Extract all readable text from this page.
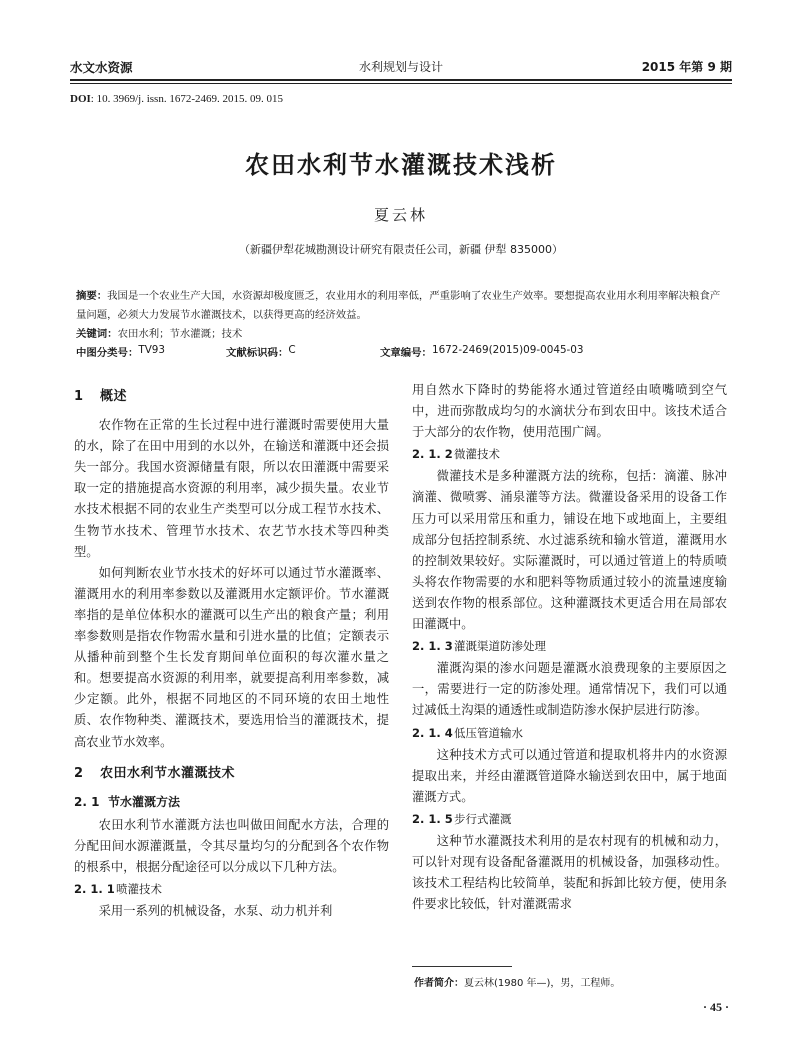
水文水资源	水利规划与设计	2015 年第 9 期
DOI: 10. 3969/j. issn. 1672-2469. 2015. 09. 015
农田水利节水灌溉技术浅析
夏云林
（新疆伊犁花城勘测设计研究有限责任公司，新疆 伊犁 835000）
摘要：我国是一个农业生产大国，水资源却极度匮乏，农业用水的利用率低，严重影响了农业生产效率。要想提高农业用水利用率解决粮食产量问题，必须大力发展节水灌溉技术，以获得更高的经济效益。
关键词：农田水利；节水灌溉；技术
中图分类号： TV93	文献标识码： C	文章编号： 1672-2469(2015)09-0045-03
1 概述

农作物在正常的生长过程中进行灌溉时需要使用大量的水，除了在田中用到的水以外，在输送和灌溉中还会损失一部分。我国水资源储量有限，所以农田灌溉中需要采取一定的措施提高水资源的利用率，减少损失量。农业节水技术根据不同的农业生产类型可以分成工程节水技术、生物节水技术、管理节水技术、农艺节水技术等四种类型。

如何判断农业节水技术的好坏可以通过节水灌溉率、灌溉用水的利用率参数以及灌溉用水定额评价。节水灌溉率指的是单位体积水的灌溉可以生产出的粮食产量；利用率参数则是指农作物需水量和引进水量的比值；定额表示从播种前到整个生长发育期间单位面积的每次灌水量之和。想要提高水资源的利用率，就要提高利用率参数，减少定额。此外，根据不同地区的不同环境的农田土地性质、农作物种类、灌溉技术，要选用恰当的灌溉技术，提高农业节水效率。

2 农田水利节水灌溉技术
2. 1 节水灌溉方法

农田水利节水灌溉方法也叫做田间配水方法，合理的分配田间水源灌溉量，令其尽量均匀的分配到各个农作物的根系中，根据分配途径可以分成以下几种方法。

2. 1. 1喷灌技术

采用一系列的机械设备，水泵、动力机并利

用自然水下降时的势能将水通过管道经由喷嘴喷到空气中，进而弥散成均匀的水滴状分布到农田中。该技术适合于大部分的农作物，使用范围广阔。

2. 1. 2微灌技术

微灌技术是多种灌溉方法的统称，包括：滴灌、脉冲滴灌、微喷雾、涌泉灌等方法。微灌设备采用的设备工作压力可以采用常压和重力，铺设在地下或地面上，主要组成部分包括控制系统、水过滤系统和输水管道，灌溉用水的控制效果较好。实际灌溉时，可以通过管道上的特质喷头将农作物需要的水和肥料等物质通过较小的流量速度输送到农作物的根系部位。这种灌溉技术更适合用在局部农田灌溉中。

2. 1. 3灌溉渠道防渗处理

灌溉沟渠的渗水问题是灌溉水浪费现象的主要原因之一，需要进行一定的防渗处理。通常情况下，我们可以通过减低土沟渠的通透性或制造防渗水保护层进行防渗。

2. 1. 4低压管道输水

这种技术方式可以通过管道和提取机将井内的水资源提取出来，并经由灌溉管道降水输送到农田中，属于地面灌溉方式。

2. 1. 5步行式灌溉

这种节水灌溉技术利用的是农村现有的机械和动力，可以针对现有设备配备灌溉用的机械设备，加强移动性。该技术工程结构比较简单，装配和拆卸比较方便，使用条件要求比较低，针对灌溉需求

作者简介：夏云林(1980 年—)，男，工程师。
· 45 ·
